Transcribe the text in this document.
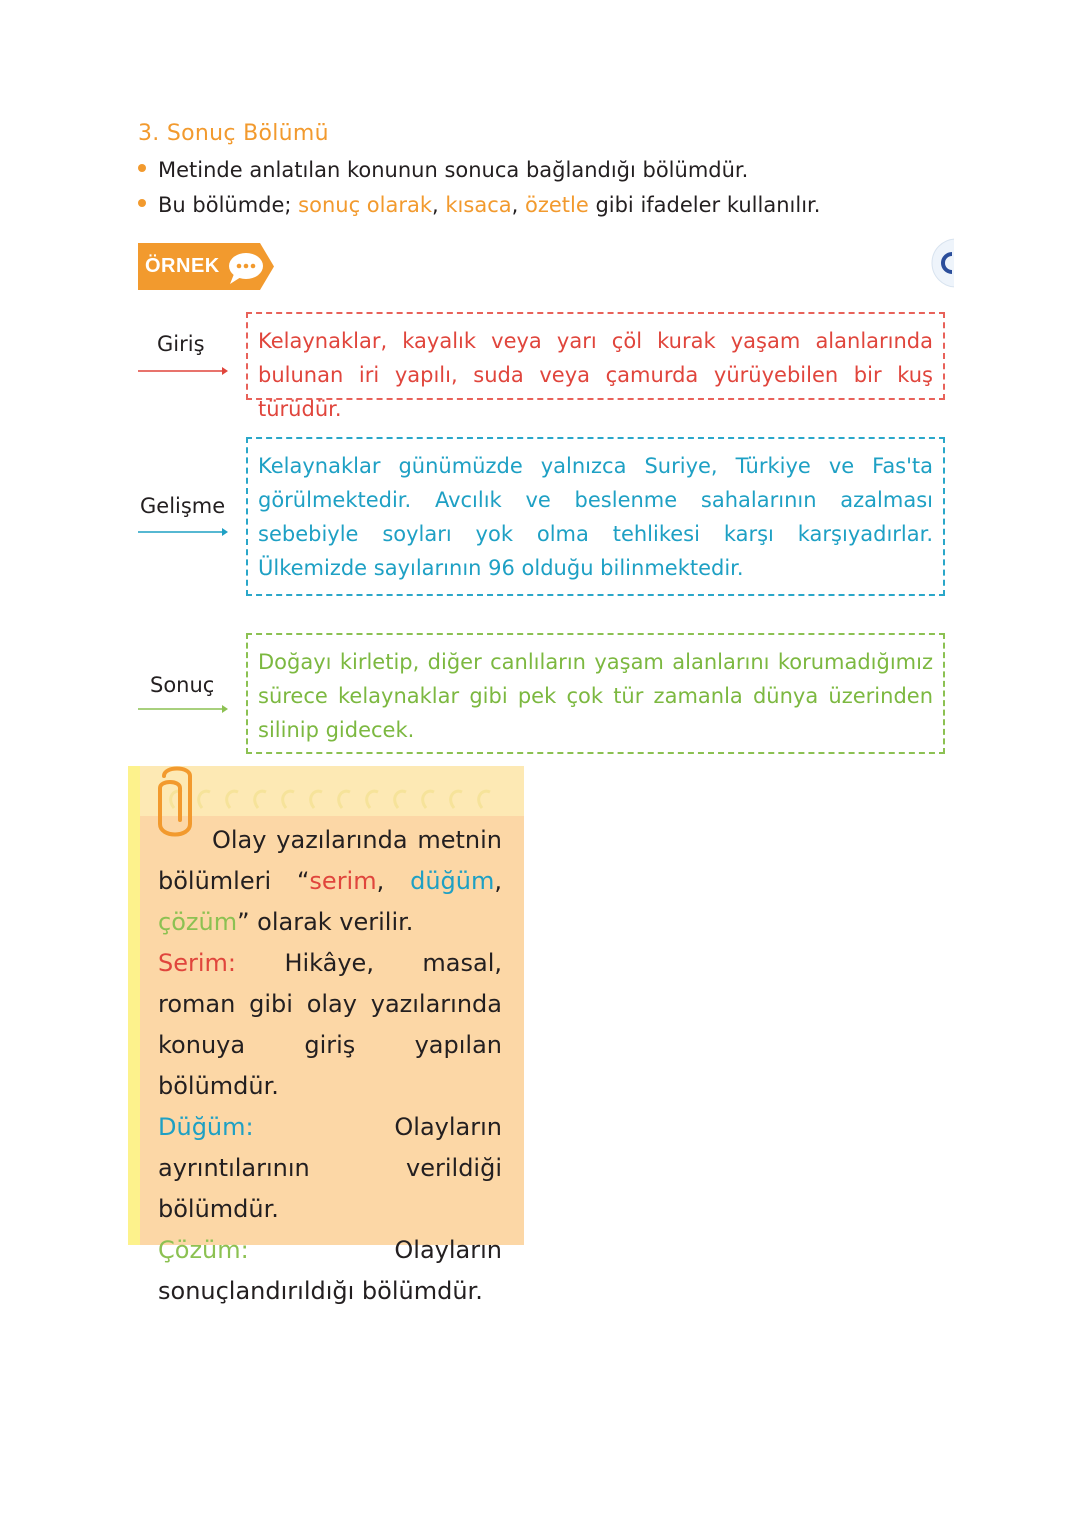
3. Sonuç Bölümü
Metinde anlatılan konunun sonuca bağlandığı bölümdür.
Bu bölümde; sonuç olarak, kısaca, özetle gibi ifadeler kullanılır.
ÖRNEK
Giriş	Kelaynaklar, kayalık veya yarı çöl kurak yaşam alanlarında bulunan iri yapılı, suda veya çamurda yürüyebilen bir kuş türüdür.
Gelişme
Kelaynaklar günümüzde yalnızca Suriye, Türkiye ve Fas'ta görülmektedir. Avcılık ve beslenme sahalarının azalması sebebiyle soyları yok olma tehlikesi karşı karşıyadırlar. Ülkemizde sayılarının 96 olduğu bilinmektedir.
Sonuç
Doğayı kirletip, diğer canlıların yaşam alanlarını korumadığımız sürece kelaynaklar gibi pek çok tür zamanla dünya üzerinden silinip gidecek.

Olay yazılarında metnin bölümleri “serim, düğüm, çözüm” olarak verilir.

Serim: Hikâye, masal, roman gibi olay yazılarında konuya giriş yapılan bölümdür.

Düğüm: Olayların ayrıntılarının verildiği bölümdür.

Çözüm: Olayların sonuçlandırıldığı bölümdür.
